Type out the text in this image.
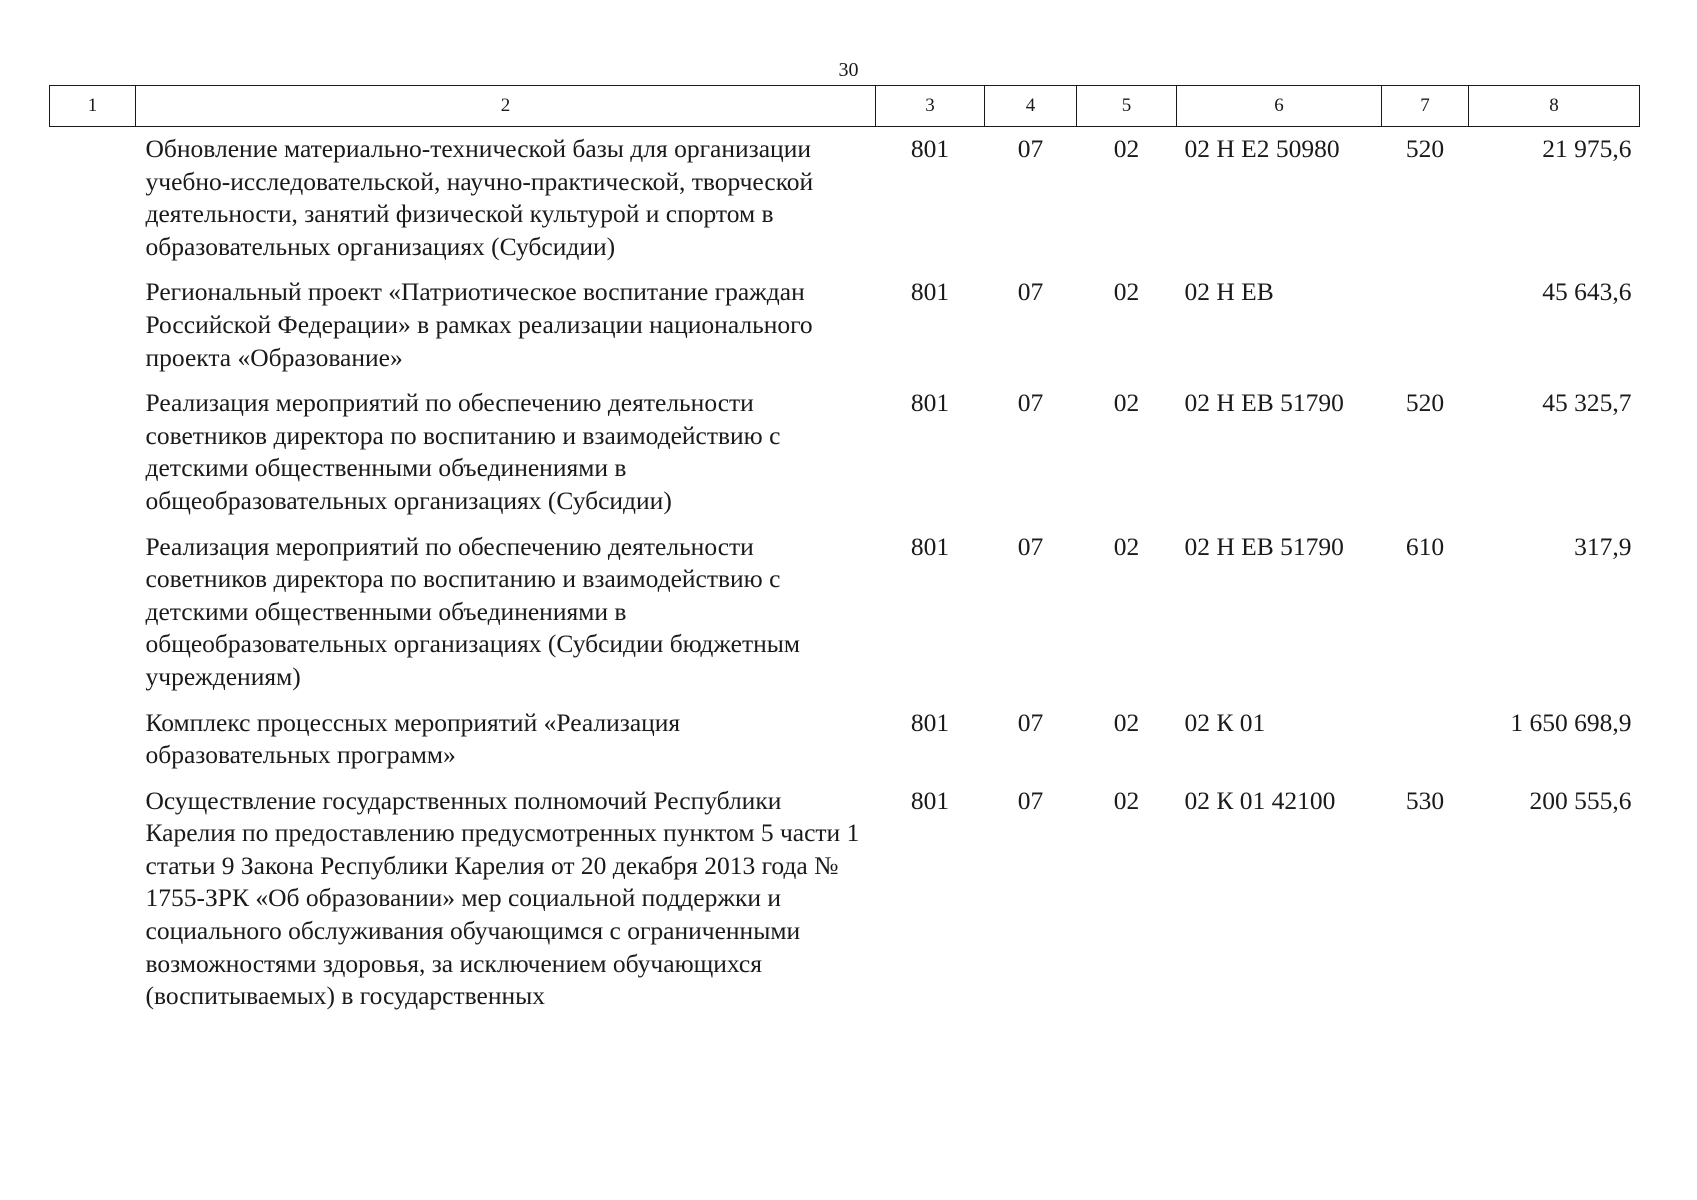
30
1	2	3	4	5	6	7	8
	Обновление материально-технической базы для организации учебно-исследовательской, научно-практической, творческой деятельности, занятий физической культурой и спортом в образовательных организациях (Субсидии)	801	07	02	02 Н Е2 50980	520	21 975,6
	Региональный проект «Патриотическое воспитание граждан Российской Федерации» в рамках реализации национального проекта «Образование»	801	07	02	02 Н ЕВ		45 643,6
	Реализация мероприятий по обеспечению деятельности советников директора по воспитанию и взаимодействию с детскими общественными объединениями в общеобразовательных организациях (Субсидии)	801	07	02	02 Н ЕВ 51790	520	45 325,7
	Реализация мероприятий по обеспечению деятельности советников директора по воспитанию и взаимодействию с детскими общественными объединениями в общеобразовательных организациях (Субсидии бюджетным учреждениям)	801	07	02	02 Н ЕВ 51790	610	317,9
	Комплекс процессных мероприятий «Реализация образовательных программ»	801	07	02	02 К 01		1 650 698,9
	Осуществление государственных полномочий Республики Карелия по предоставлению предусмотренных пунктом 5 части 1 статьи 9 Закона Республики Карелия от 20 декабря 2013 года № 1755-ЗРК «Об образовании» мер социальной поддержки и социального обслуживания обучающимся с ограниченными возможностями здоровья, за исключением обучающихся (воспитываемых) в государственных	801	07	02	02 К 01 42100	530	200 555,6
